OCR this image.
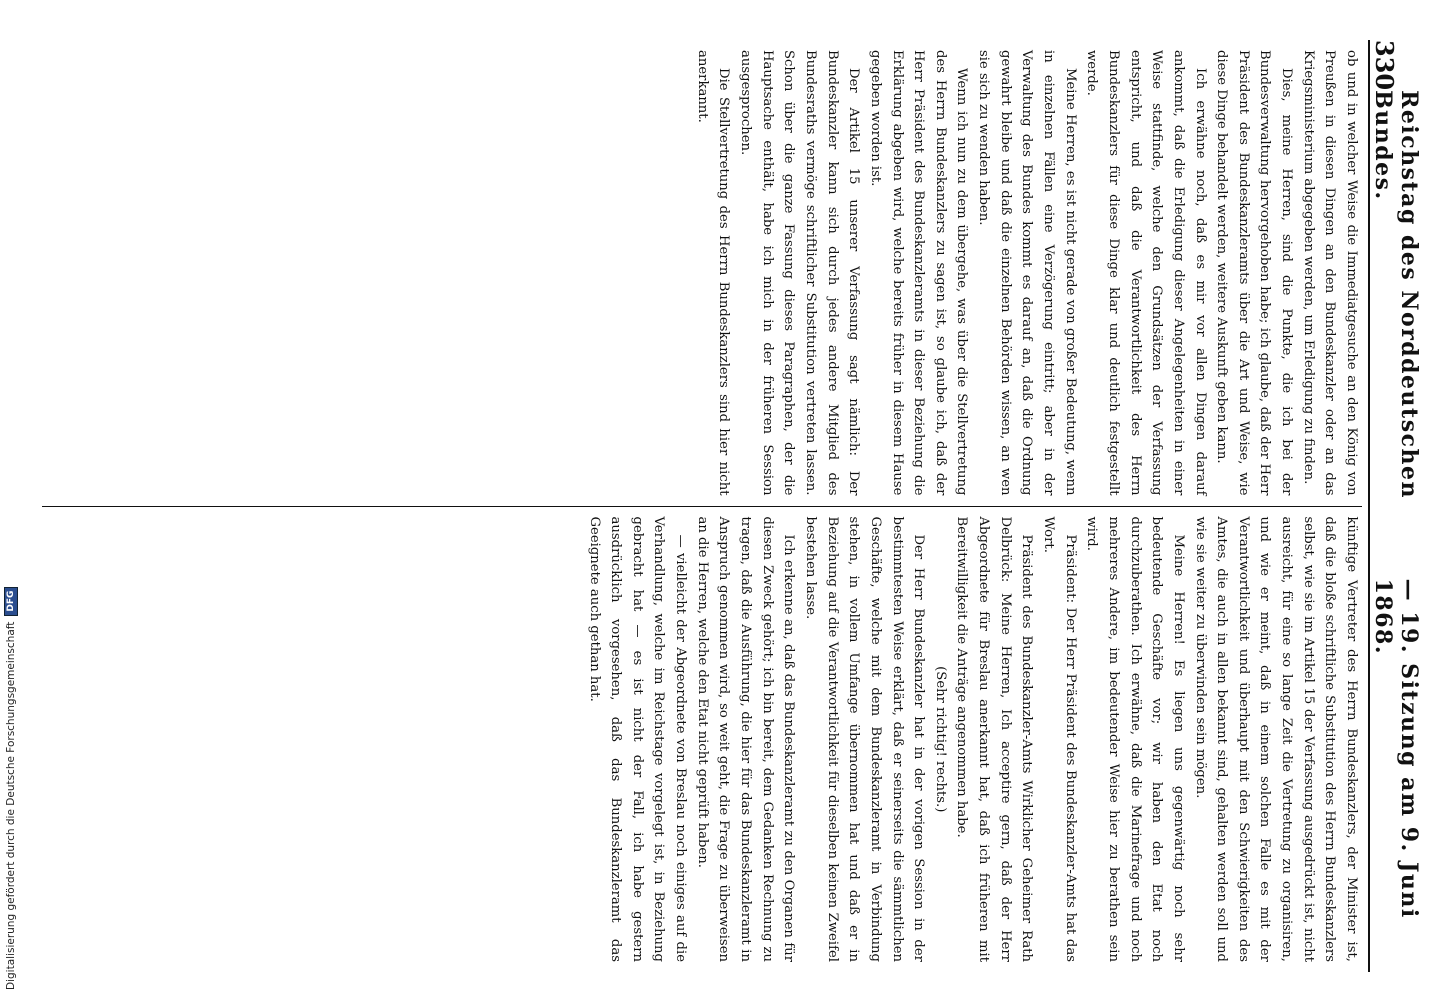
330
Reichstag des Norddeutschen Bundes.
— 19. Sitzung am 9. Juni 1868.

ob und in welcher Weise die Immediatgesuche an den König von Preußen in diesen Dingen an den Bundeskanzler oder an das Kriegsministerium abgegeben werden, um Erledigung zu finden.

Dies, meine Herren, sind die Punkte, die ich bei der Bundesverwaltung hervorgehoben habe; ich glaube, daß der Herr Präsident des Bundeskanzleramts über die Art und Weise, wie diese Dinge behandelt werden, weitere Auskunft geben kann.

Ich erwähne noch, daß es mir vor allen Dingen darauf ankommt, daß die Erledigung dieser Angelegenheiten in einer Weise stattfinde, welche den Grundsätzen der Verfassung entspricht, und daß die Verantwortlichkeit des Herrn Bundeskanzlers für diese Dinge klar und deutlich festgestellt werde.

Meine Herren, es ist nicht gerade von großer Bedeutung, wenn in einzelnen Fällen eine Verzögerung eintritt; aber in der Verwaltung des Bundes kommt es darauf an, daß die Ordnung gewahrt bleibe und daß die einzelnen Behörden wissen, an wen sie sich zu wenden haben.

Wenn ich nun zu dem übergehe, was über die Stellvertretung des Herrn Bundeskanzlers zu sagen ist, so glaube ich, daß der Herr Präsident des Bundeskanzleramts in dieser Beziehung die Erklärung abgeben wird, welche bereits früher in diesem Hause gegeben worden ist.

Der Artikel 15 unserer Verfassung sagt nämlich: Der Bundeskanzler kann sich durch jedes andere Mitglied des Bundesraths vermöge schriftlicher Substitution vertreten lassen. Schon über die ganze Fassung dieses Paragraphen, der die Hauptsache enthält, habe ich mich in der früheren Session ausgesprochen.

Die Stellvertretung des Herrn Bundeskanzlers sind hier nicht anerkannt.

künftige Vertreter des Herrn Bundeskanzlers, der Minister ist, daß die bloße schriftliche Substitution des Herrn Bundeskanzlers selbst, wie sie im Artikel 15 der Verfassung ausgedrückt ist, nicht ausreicht, für eine so lange Zeit die Vertretung zu organisiren, und wie er meint, daß in einem solchen Falle es mit der Verantwortlichkeit und überhaupt mit den Schwierigkeiten des Amtes, die auch in allen bekannt sind, gehalten werden soll und wie sie weiter zu überwinden sein mögen.

Meine Herren! Es liegen uns gegenwärtig noch sehr bedeutende Geschäfte vor; wir haben den Etat noch durchzuberathen. Ich erwähne, daß die Marinefrage und noch mehreres Andere, im bedeutender Weise hier zu berathen sein wird.

Präsident: Der Herr Präsident des Bundeskanzler-Amts hat das Wort.

Präsident des Bundeskanzler-Amts Wirklicher Geheimer Rath Delbrück: Meine Herren, Ich acceptire gern, daß der Herr Abgeordnete für Breslau anerkannt hat, daß ich früheren mit Bereitwilligkeit die Anträge angenommen habe.

(Sehr richtig! rechts.)

Der Herr Bundeskanzler hat in der vorigen Session in der bestimmtesten Weise erklärt, daß er seinerseits die sämmtlichen Geschäfte, welche mit dem Bundeskanzleramt in Verbindung stehen, in vollem Umfange übernommen hat und daß er in Beziehung auf die Verantwortlichkeit für dieselben keinen Zweifel bestehen lasse.

Ich erkenne an, daß das Bundeskanzleramt zu den Organen für diesen Zweck gehört; ich bin bereit, dem Gedanken Rechnung zu tragen, daß die Ausführung, die hier für das Bundeskanzleramt in Anspruch genommen wird, so weit geht, die Frage zu überweisen an die Herren, welche den Etat nicht geprüft haben.

— vielleicht der Abgeordnete von Breslau noch einiges auf die Verhandlung, welche im Reichstage vorgelegt ist, in Beziehung gebracht hat — es ist nicht der Fall, ich habe gestern ausdrücklich vorgesehen, daß das Bundeskanzleramt das Geeignete auch gethan hat.

Digitalisierung gefördert durch die Deutsche Forschungsgemeinschaft
DFG
